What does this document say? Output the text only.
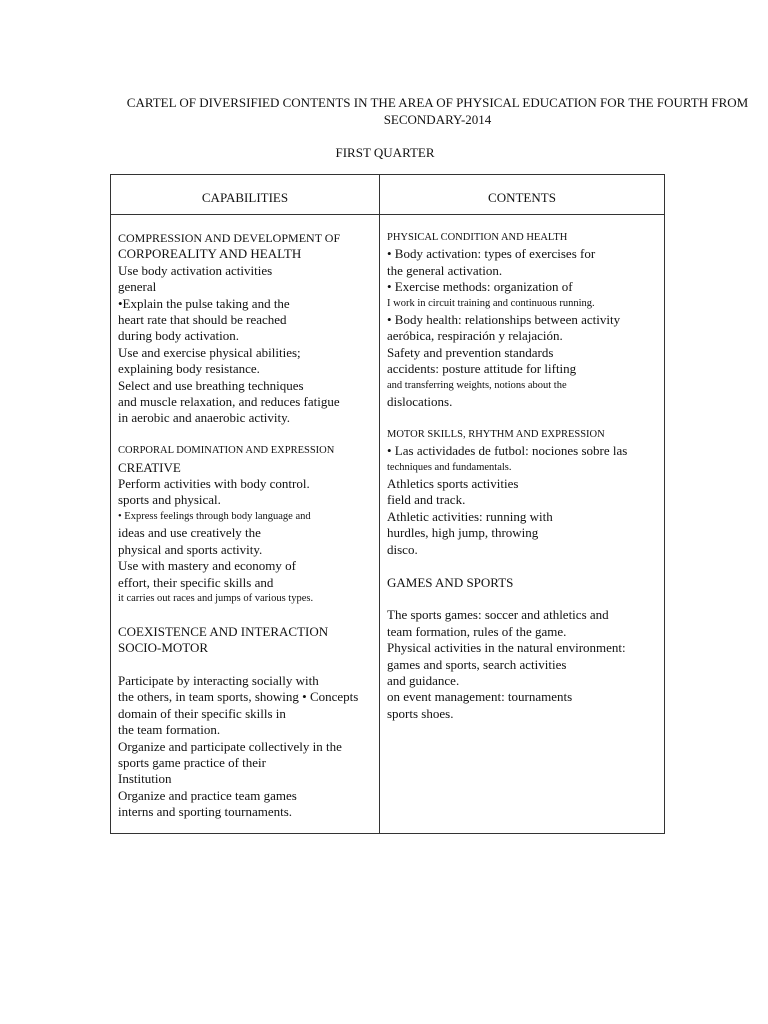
CARTEL OF DIVERSIFIED CONTENTS IN THE AREA OF PHYSICAL EDUCATION FOR THE FOURTH FROM SECONDARY-2014
FIRST QUARTER
CAPABILITIES	CONTENTS
COMPRESSION AND DEVELOPMENT OF
CORPOREALITY AND HEALTH
Use body activation activities
general
•Explain the pulse taking and the
heart rate that should be reached
during body activation.
Use and exercise physical abilities;
explaining body resistance.
Select and use breathing techniques
and muscle relaxation, and reduces fatigue
in aerobic and anaerobic activity.
CORPORAL DOMINATION AND EXPRESSION
CREATIVE
Perform activities with body control.
sports and physical.
• Express feelings through body language and
ideas and use creatively the
physical and sports activity.
Use with mastery and economy of
effort, their specific skills and
it carries out races and jumps of various types.
COEXISTENCE AND INTERACTION
SOCIO-MOTOR
Participate by interacting socially with
the others, in team sports, showing • Concepts
domain of their specific skills in
the team formation.
Organize and participate collectively in the
sports game practice of their
Institution
Organize and practice team games
interns and sporting tournaments.
PHYSICAL CONDITION AND HEALTH
• Body activation: types of exercises for
the general activation.
• Exercise methods: organization of
I work in circuit training and continuous running.
• Body health: relationships between activity
aeróbica, respiración y relajación.
Safety and prevention standards
accidents: posture attitude for lifting
and transferring weights, notions about the
dislocations.
MOTOR SKILLS, RHYTHM AND EXPRESSION
• Las actividades de futbol: nociones sobre las
techniques and fundamentals.
Athletics sports activities
field and track.
Athletic activities: running with
hurdles, high jump, throwing
disco.
GAMES AND SPORTS
The sports games: soccer and athletics and
team formation, rules of the game.
Physical activities in the natural environment:
games and sports, search activities
and guidance.
on event management: tournaments
sports shoes.
